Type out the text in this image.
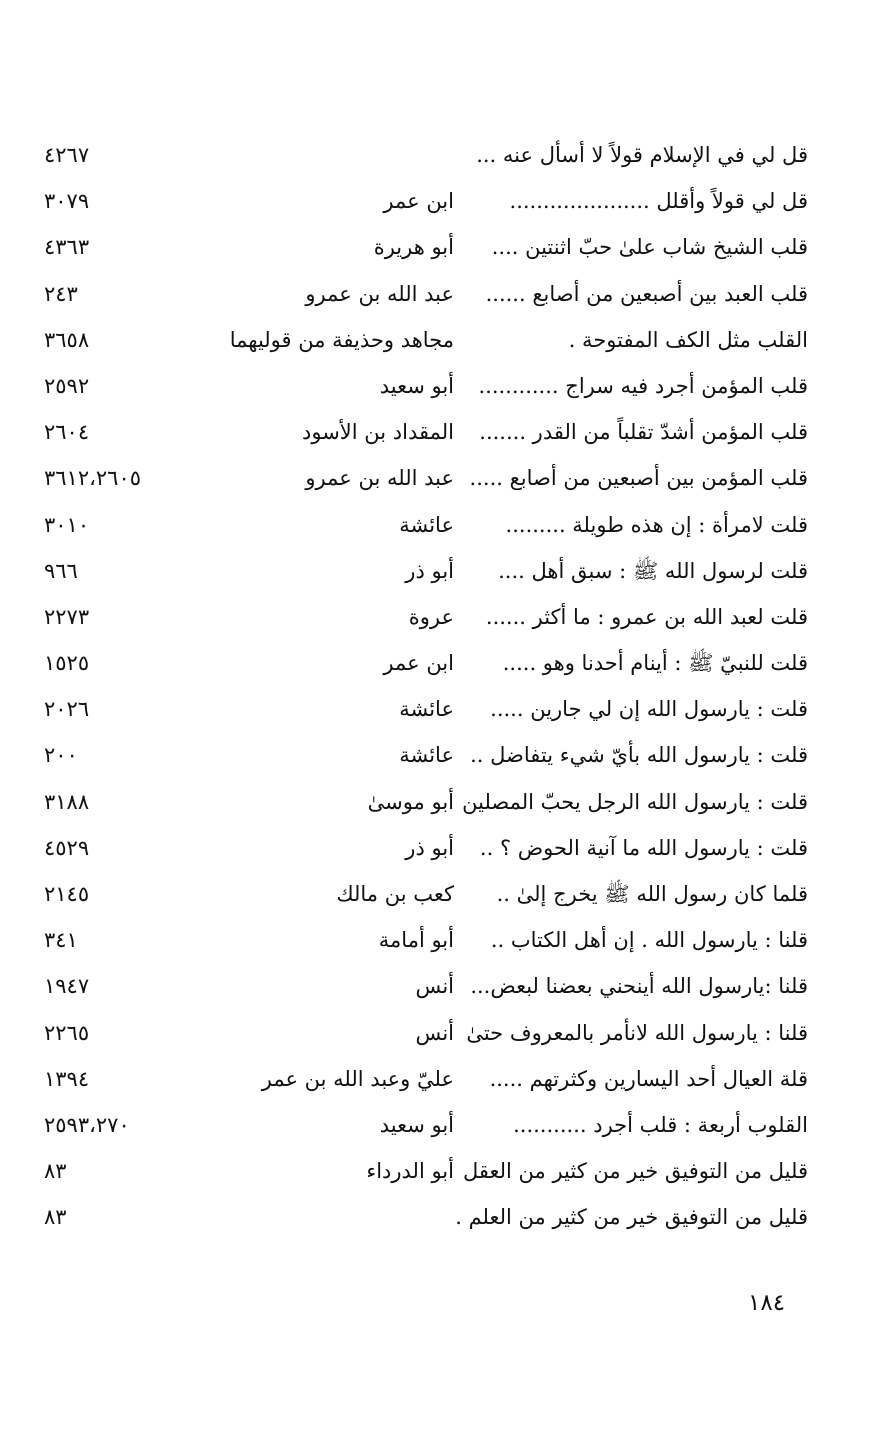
قل لي في الإسلام قولاً لا أسأل عنه ...
٤٢٦٧
قل لي قولاً وأقلل .....................
ابن عمر
٣٠٧٩
قلب الشيخ شاب علىٰ حبّ اثنتين ....
أبو هريرة
٤٣٦٣
قلب العبد بين أصبعين من أصابع ......
عبد الله بن عمرو
٢٤٣
القلب مثل الكف المفتوحة .
مجاهد وحذيفة من قوليهما
٣٦٥٨
قلب المؤمن أجرد فيه سراج ............
أبو سعيد
٢٥٩٢
قلب المؤمن أشدّ تقلباً من القدر .......
المقداد بن الأسود
٢٦٠٤
قلب المؤمن بين أصبعين من أصابع .....
عبد الله بن عمرو
٣٦١٢،٢٦٠٥
قلت لامرأة : إن هذه طويلة .........
عائشة
٣٠١٠
قلت لرسول الله ﷺ : سبق أهل ....
أبو ذر
٩٦٦
قلت لعبد الله بن عمرو : ما أكثر ......
عروة
٢٢٧٣
قلت للنبيّ ﷺ : أينام أحدنا وهو .....
ابن عمر
١٥٢٥
قلت : يارسول الله إن لي جارين .....
عائشة
٢٠٢٦
قلت : يارسول الله بأيّ شيء يتفاضل ..
عائشة
٢٠٠
قلت : يارسول الله الرجل يحبّ المصلين
أبو موسىٰ
٣١٨٨
قلت : يارسول الله ما آنية الحوض ؟ ..
أبو ذر
٤٥٢٩
قلما كان رسول الله ﷺ يخرج إلىٰ ..
كعب بن مالك
٢١٤٥
قلنا : يارسول الله . إن أهل الكتاب ..
أبو أمامة
٣٤١
قلنا :يارسول الله أينحني بعضنا لبعض...
أنس
١٩٤٧
قلنا : يارسول الله لانأمر بالمعروف حتىٰ
أنس
٢٢٦٥
قلة العيال أحد اليسارين وكثرتهم .....
عليّ وعبد الله بن عمر
١٣٩٤
القلوب أربعة : قلب أجرد ...........
أبو سعيد
٢٥٩٣،٢٧٠
قليل من التوفيق خير من كثير من العقل
أبو الدرداء
٨٣
قليل من التوفيق خير من كثير من العلم .
٨٣
١٨٤
